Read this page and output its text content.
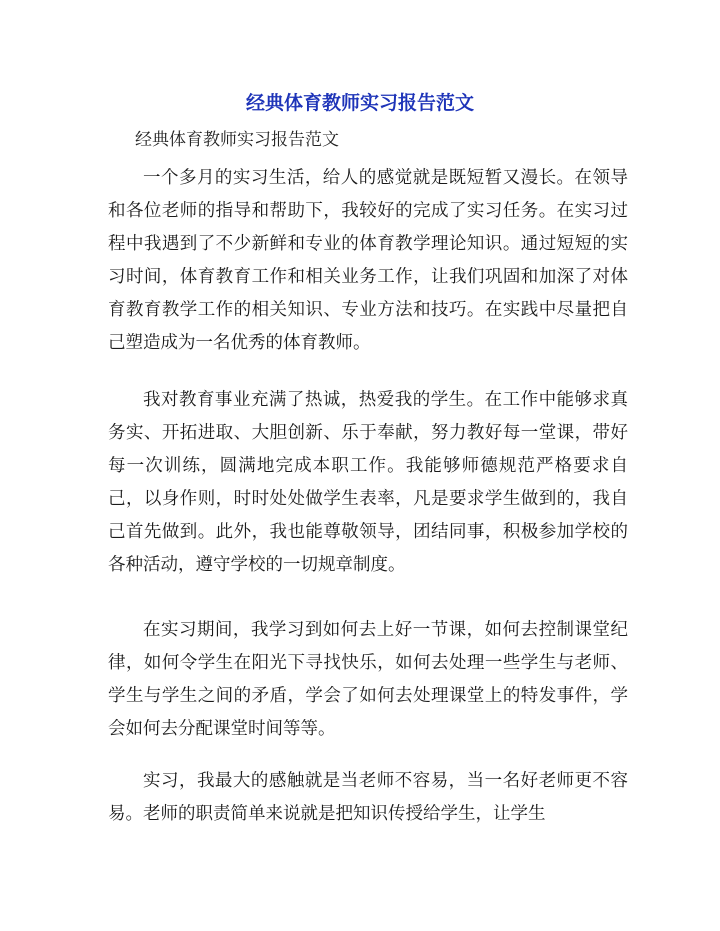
经典体育教师实习报告范文
经典体育教师实习报告范文

一个多月的实习生活，给人的感觉就是既短暂又漫长。在领导和各位老师的指导和帮助下，我较好的完成了实习任务。在实习过程中我遇到了不少新鲜和专业的体育教学理论知识。通过短短的实习时间，体育教育工作和相关业务工作，让我们巩固和加深了对体育教育教学工作的相关知识、专业方法和技巧。在实践中尽量把自己塑造成为一名优秀的体育教师。

我对教育事业充满了热诚，热爱我的学生。在工作中能够求真务实、开拓进取、大胆创新、乐于奉献，努力教好每一堂课，带好每一次训练，圆满地完成本职工作。我能够师德规范严格要求自己，以身作则，时时处处做学生表率，凡是要求学生做到的，我自己首先做到。此外，我也能尊敬领导，团结同事，积极参加学校的各种活动，遵守学校的一切规章制度。

在实习期间，我学习到如何去上好一节课，如何去控制课堂纪律，如何令学生在阳光下寻找快乐，如何去处理一些学生与老师、学生与学生之间的矛盾，学会了如何去处理课堂上的特发事件，学会如何去分配课堂时间等等。

实习，我最大的感触就是当老师不容易，当一名好老师更不容易。老师的职责简单来说就是把知识传授给学生，让学生
